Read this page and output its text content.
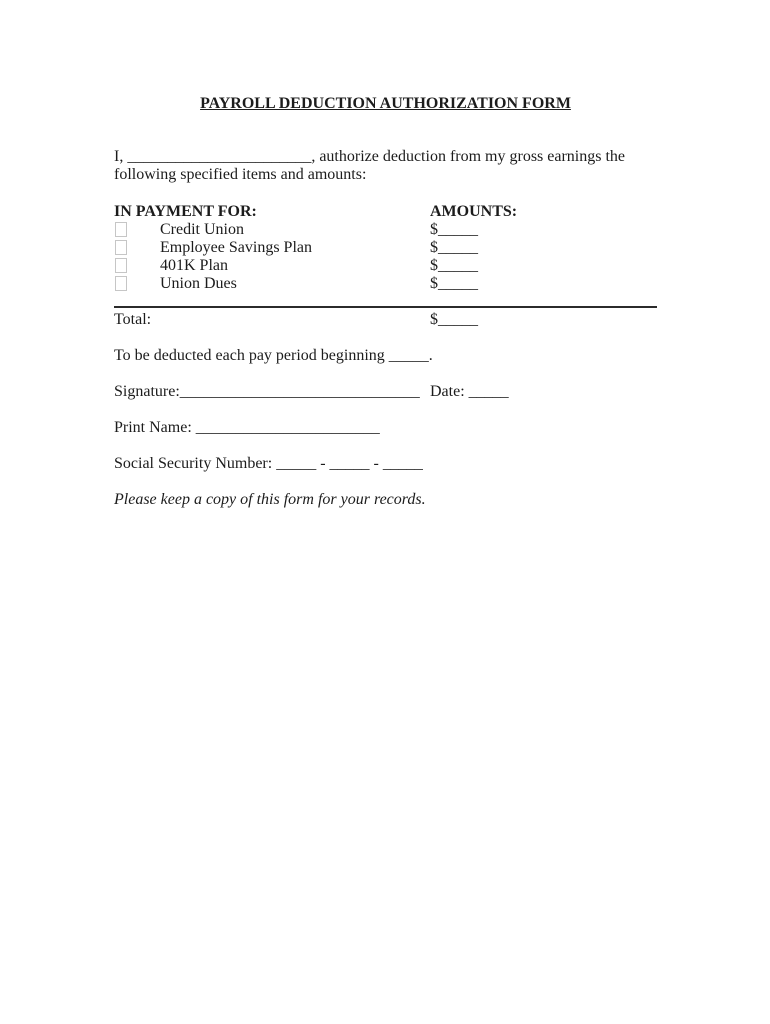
PAYROLL DEDUCTION AUTHORIZATION FORM

I, _______________________, authorize deduction from my gross earnings the following specified items and amounts:

IN PAYMENT FOR:	AMOUNTS:
Credit Union	$_____
Employee Savings Plan	$_____
401K Plan	$_____
Union Dues	$_____
Total:	$_____

To be deducted each pay period beginning _____.

Signature:______________________________ Date: _____

Print Name: _______________________

Social Security Number: _____ - _____ - _____

Please keep a copy of this form for your records.
